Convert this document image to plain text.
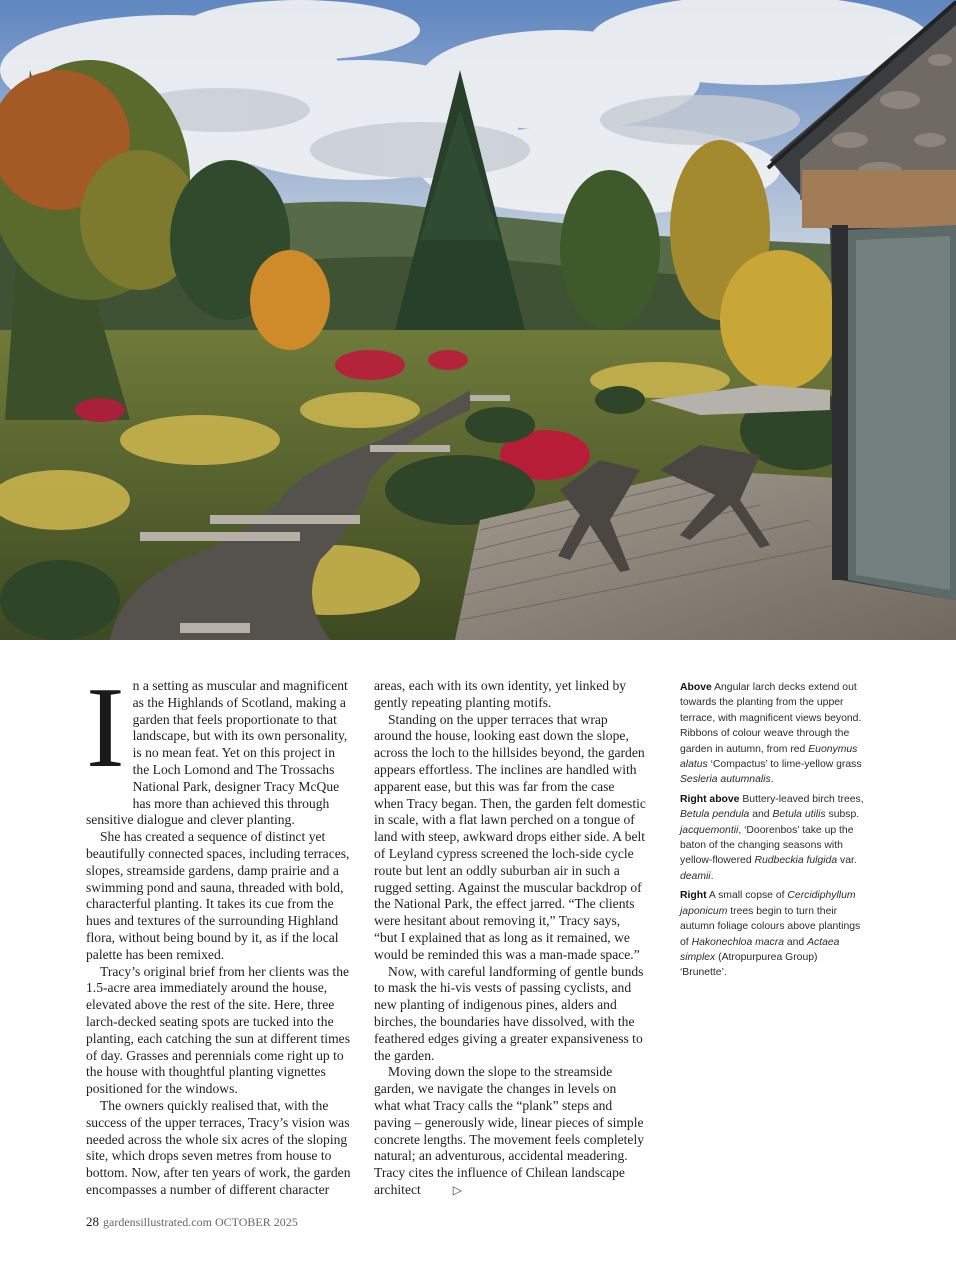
In a setting as muscular and magnificent as the Highlands of Scotland, making a garden that feels proportionate to that landscape, but with its own personality, is no mean feat. Yet on this project in the Loch Lomond and The Trossachs National Park, designer Tracy McQue has more than achieved this through sensitive dialogue and clever planting.

She has created a sequence of distinct yet beautifully connected spaces, including terraces, slopes, streamside gardens, damp prairie and a swimming pond and sauna, threaded with bold, characterful planting. It takes its cue from the hues and textures of the surrounding Highland flora, without being bound by it, as if the local palette has been remixed.

Tracy’s original brief from her clients was the 1.5-acre area immediately around the house, elevated above the rest of the site. Here, three larch-decked seating spots are tucked into the planting, each catching the sun at different times of day. Grasses and perennials come right up to the house with thoughtful planting vignettes positioned for the windows.

The owners quickly realised that, with the success of the upper terraces, Tracy’s vision was needed across the whole six acres of the sloping site, which drops seven metres from house to bottom. Now, after ten years of work, the garden encompasses a number of different character

areas, each with its own identity, yet linked by gently repeating planting motifs.

Standing on the upper terraces that wrap around the house, looking east down the slope, across the loch to the hillsides beyond, the garden appears effortless. The inclines are handled with apparent ease, but this was far from the case when Tracy began. Then, the garden felt domestic in scale, with a flat lawn perched on a tongue of land with steep, awkward drops either side. A belt of Leyland cypress screened the loch-side cycle route but lent an oddly suburban air in such a rugged setting. Against the muscular backdrop of the National Park, the effect jarred. “The clients were hesitant about removing it,” Tracy says, “but I explained that as long as it remained, we would be reminded this was a man-made space.”

Now, with careful landforming of gentle bunds to mask the hi-vis vests of passing cyclists, and new planting of indigenous pines, alders and birches, the boundaries have dissolved, with the feathered edges giving a greater expansiveness to the garden.

Moving down the slope to the streamside garden, we navigate the changes in levels on what what Tracy calls the “plank” steps and paving – generously wide, linear pieces of simple concrete lengths. The movement feels completely natural; an adventurous, accidental meadering. Tracy cites the influence of Chilean landscape architect	▷

Above Angular larch decks extend out towards the planting from the upper terrace, with magnificent views beyond. Ribbons of colour weave through the garden in autumn, from red Euonymus alatus ‘Compactus’ to lime-yellow grass Sesleria autumnalis.

Right above Buttery-leaved birch trees, Betula pendula and Betula utilis subsp. jacquemontii, ‘Doorenbos’ take up the baton of the changing seasons with yellow-flowered Rudbeckia fulgida var. deamii.

Right A small copse of Cercidiphyllum japonicum trees begin to turn their autumn foliage colours above plantings of Hakonechloa macra and Actaea simplex (Atropurpurea Group) ‘Brunette’.

28 gardensillustrated.com OCTOBER 2025
